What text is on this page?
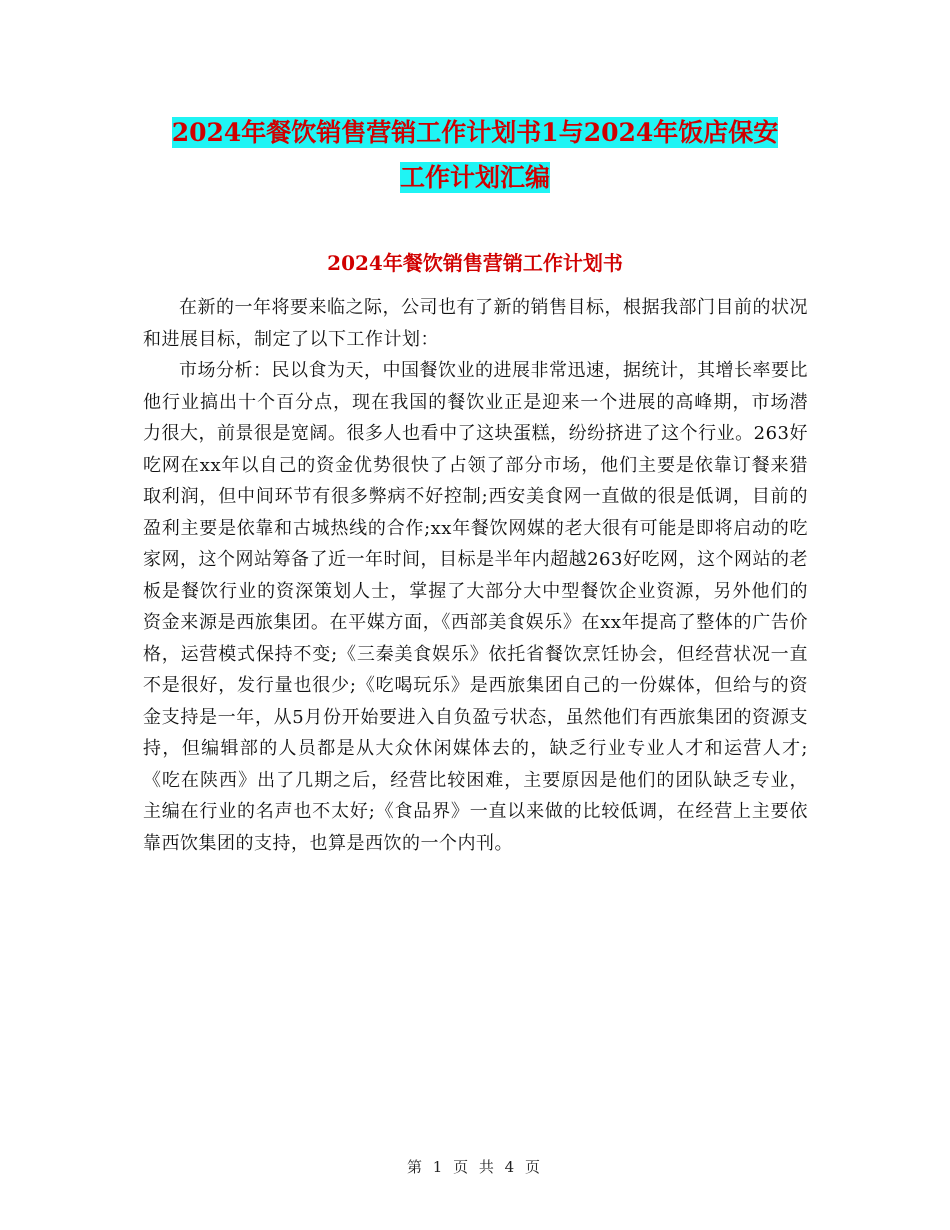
2024年餐饮销售营销工作计划书1与2024年饭店保安
工作计划汇编
2024年餐饮销售营销工作计划书

在新的一年将要来临之际，公司也有了新的销售目标，根据我部门目前的状况和进展目标，制定了以下工作计划：

市场分析：民以食为天，中国餐饮业的进展非常迅速，据统计，其增长率要比他行业搞出十个百分点，现在我国的餐饮业正是迎来一个进展的高峰期，市场潜力很大，前景很是宽阔。很多人也看中了这块蛋糕，纷纷挤进了这个行业。263好吃网在xx年以自己的资金优势很快了占领了部分市场，他们主要是依靠订餐来猎取利润，但中间环节有很多弊病不好控制;西安美食网一直做的很是低调，目前的盈利主要是依靠和古城热线的合作;xx年餐饮网媒的老大很有可能是即将启动的吃家网，这个网站筹备了近一年时间，目标是半年内超越263好吃网，这个网站的老板是餐饮行业的资深策划人士，掌握了大部分大中型餐饮企业资源，另外他们的资金来源是西旅集团。在平媒方面，《西部美食娱乐》在xx年提高了整体的广告价格，运营模式保持不变;《三秦美食娱乐》依托省餐饮烹饪协会，但经营状况一直不是很好，发行量也很少;《吃喝玩乐》是西旅集团自己的一份媒体，但给与的资金支持是一年，从5月份开始要进入自负盈亏状态，虽然他们有西旅集团的资源支持，但编辑部的人员都是从大众休闲媒体去的，缺乏行业专业人才和运营人才;《吃在陕西》出了几期之后，经营比较困难，主要原因是他们的团队缺乏专业，主编在行业的名声也不太好;《食品界》一直以来做的比较低调，在经营上主要依靠西饮集团的支持，也算是西饮的一个内刊。

第 1 页 共 4 页
